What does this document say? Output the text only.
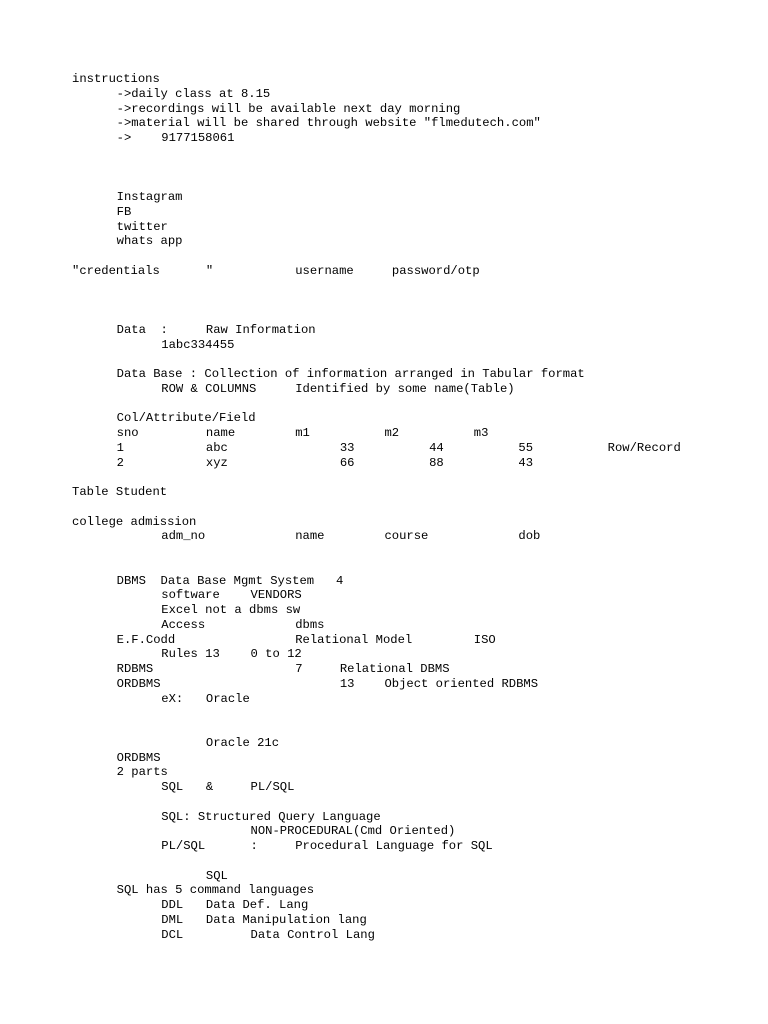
instructions
->daily class at 8.15
->recordings will be available next day morning
->material will be shared through website "flmedutech.com"
-> 9177158061
Instagram
FB
twitter
whats app
"credentials	"	username	password/otp
Data  :	Raw Information
1abc334455
Data Base : Collection of information arranged in Tabular format
ROW & COLUMNS	Identified by some name(Table)
Col/Attribute/Field
sno	name	m1	m2	m3
1	abc	33	44	55	Row/Record
2	xyz	66	88	43
Table Student
college admission
adm_no	name	course	dob
DBMS  Data Base Mgmt System   4
software	VENDORS
Excel not a dbms sw
Access	dbms
E.F.Codd	Relational Model	ISO
Rules 13	0 to 12
RDBMS	7	Relational DBMS
ORDBMS	13 Object oriented RDBMS
eX: Oracle
Oracle 21c
ORDBMS
2 parts
SQL &	PL/SQL
SQL: Structured Query Language
NON-PROCEDURAL(Cmd Oriented)
PL/SQL	:	Procedural Language for SQL
SQL
SQL has 5 command languages
DDL Data Def. Lang
DML Data Manipulation lang
DCL	Data Control Lang
